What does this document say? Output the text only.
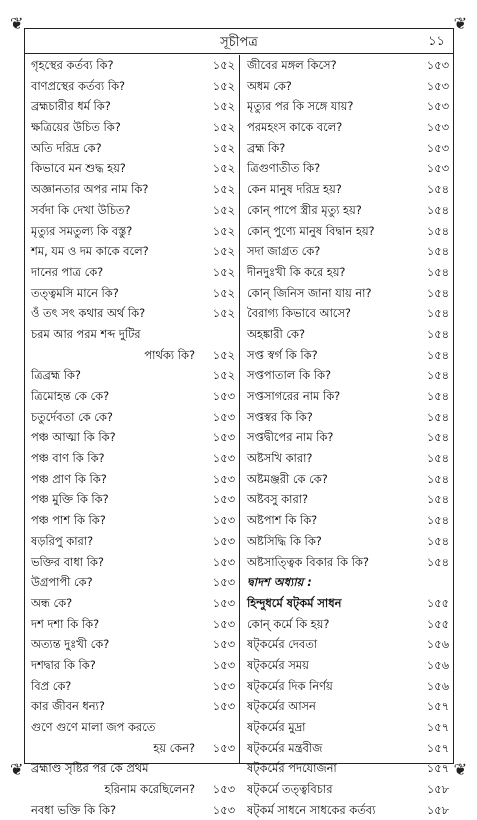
❦	❦
❦	❦
সূচীপত্র	১১
গৃহস্থের কর্তব্য কি?	১৫২
বাণপ্রস্থের কর্তব্য কি?	১৫২
ব্রহ্মচারীর ধর্ম কি?	১৫২
ক্ষত্রিয়ের উচিত কি?	১৫২
অতি দরিদ্র কে?	১৫২
কিভাবে মন শুদ্ধ হয়?	১৫২
অজ্ঞানতার অপর নাম কি?	১৫২
সর্বদা কি দেখা উচিত?	১৫২
মৃত্যুর সমতুল্য কি বস্তু?	১৫২
শম, যম ও দম কাকে বলে?	১৫২
দানের পাত্র কে?	১৫২
তত্ত্বমসি মানে কি?	১৫২
ওঁ তৎ সৎ কথার অর্থ কি?	১৫২
চরম আর পরম শব্দ দুটির
পার্থক্য কি? ১৫২
ত্রিব্রহ্ম কি?	১৫২
ত্রিমোহন্ত কে কে?	১৫৩
চতুর্দেবতা কে কে?	১৫৩
পঞ্চ আত্মা কি কি?	১৫৩
পঞ্চ বাণ কি কি?	১৫৩
পঞ্চ প্রাণ কি কি?	১৫৩
পঞ্চ মুক্তি কি কি?	১৫৩
পঞ্চ পাশ কি কি?	১৫৩
ষড়রিপু কারা?	১৫৩
ভক্তির বাধা কি?	১৫৩
উগ্রপাপী কে?	১৫৩
অন্ধ কে?	১৫৩
দশ দশা কি কি?	১৫৩
অত্যন্ত দুঃখী কে?	১৫৩
দশদ্বার কি কি?	১৫৩
বিপ্র কে?	১৫৩
কার জীবন ধন্য?	১৫৩
গুণে গুণে মালা জপ করতে
হয় কেন? ১৫৩
ব্রহ্মাণ্ড সৃষ্টির পর কে প্রথম
হরিনাম করেছিলেন? ১৫৩
নবধা ভক্তি কি কি?	১৫৩
জীবের মঙ্গল কিসে?	১৫৩
অধম কে?	১৫৩
মৃত্যুর পর কি সঙ্গে যায়?	১৫৩
পরমহংস কাকে বলে?	১৫৩
ব্রহ্ম কি?	১৫৩
ত্রিগুণাতীত কি?	১৫৩
কেন মানুষ দরিদ্র হয়?	১৫৪
কোন্ পাপে স্ত্রীর মৃত্যু হয়?	১৫৪
কোন্ পুণ্যে মানুষ বিদ্বান হয়?	১৫৪
সদা জাগ্রত কে?	১৫৪
দীনদুঃখী কি করে হয়?	১৫৪
কোন্ জিনিস জানা যায় না?	১৫৪
বৈরাগ্য কিভাবে আসে?	১৫৪
অহঙ্কারী কে?	১৫৪
সপ্ত স্বর্গ কি কি?	১৫৪
সপ্তপাতাল কি কি?	১৫৪
সপ্তসাগরের নাম কি?	১৫৪
সপ্তস্বর কি কি?	১৫৪
সপ্তদ্বীপের নাম কি?	১৫৪
অষ্টসখি কারা?	১৫৪
অষ্টমঞ্জরী কে কে?	১৫৪
অষ্টবসু কারা?	১৫৪
অষ্টপাশ কি কি?	১৫৪
অষ্টসিদ্ধি কি কি?	১৫৪
অষ্টসাত্ত্বিক বিকার কি কি?	১৫৪
দ্বাদশ অধ্যায় :
হিন্দুধর্মে ষট্‌কর্ম সাধন	১৫৫
কোন্ কর্মে কি হয়?	১৫৫
ষট্‌কর্মের দেবতা	১৫৬
ষট্‌কর্মের সময়	১৫৬
ষট্‌কর্মের দিক নির্ণয়	১৫৬
ষট্‌কর্মের আসন	১৫৭
ষট্‌কর্মের মুদ্রা	১৫৭
ষট্‌কর্মের মন্ত্রবীজ	১৫৭
ষট্‌কর্মের পদযোজনা	১৫৭
ষট্‌কর্মে তত্ত্ববিচার	১৫৮
ষট্‌কর্ম সাধনে সাধকের কর্তব্য	১৫৮
